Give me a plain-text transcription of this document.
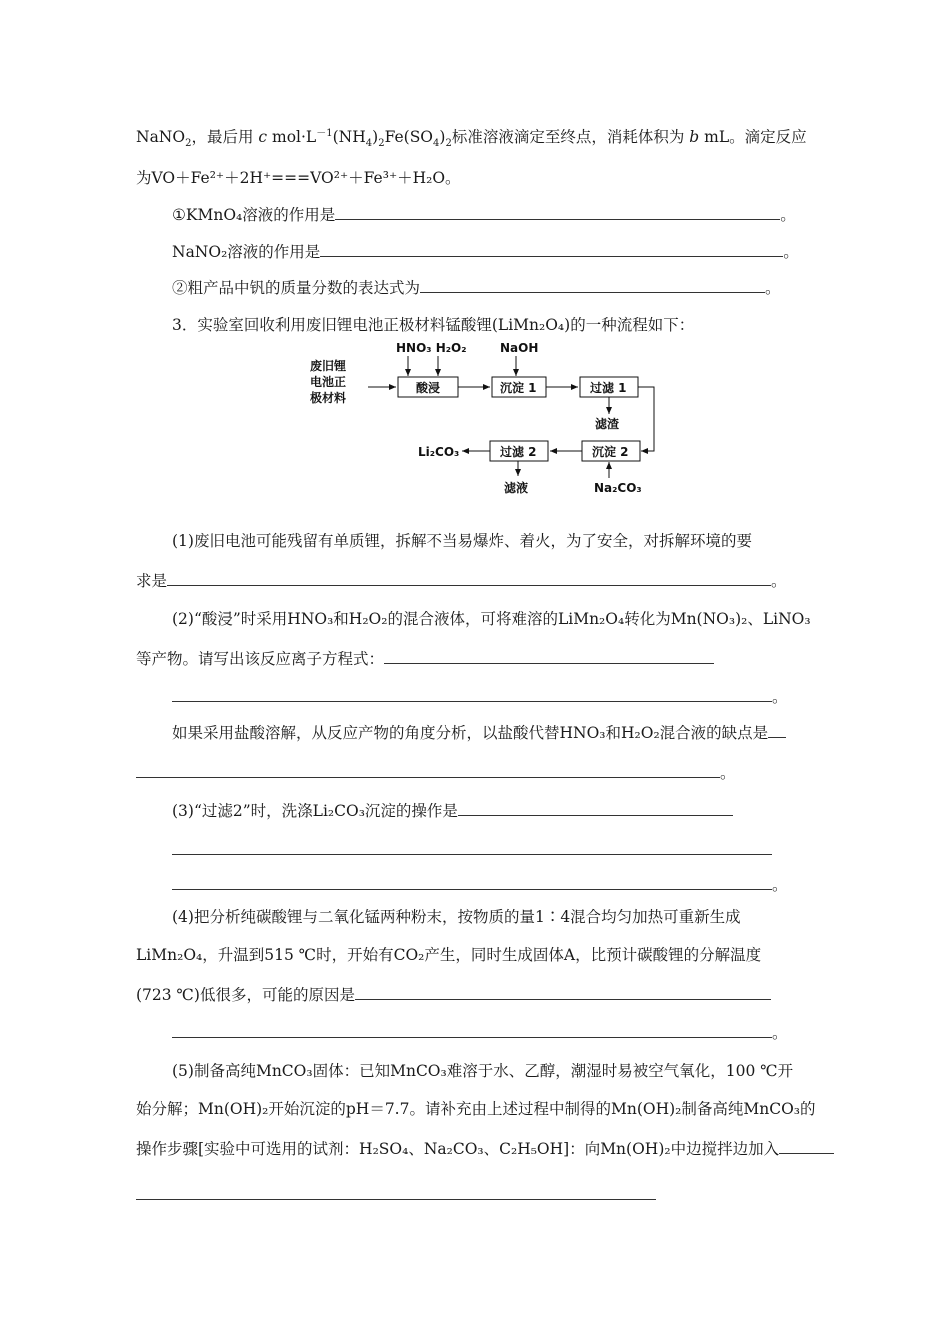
NaNO$_2$，最后用 c $mol\cdot L^{-1}(NH_4)_2Fe(SO_4)_2$标准溶液滴定至终点，消耗体积为 b mL。滴定反应
为VO＋Fe²⁺＋2H⁺===VO²⁺＋Fe³⁺＋H₂O。
①KMnO₄溶液的作用是	。
NaNO₂溶液的作用是	。
②粗产品中钒的质量分数的表达式为	。
3．实验室回收利用废旧锂电池正极材料锰酸锂(LiMn₂O₄)的一种流程如下：
废旧锂
电池正
极材料
HNO₃ H₂O₂
酸浸
NaOH
沉淀 1	过滤 1
滤渣
沉淀 2
Na₂CO₃
过滤 2
滤液
Li₂CO₃
(1)废旧电池可能残留有单质锂，拆解不当易爆炸、着火，为了安全，对拆解环境的要
求是	。
(2)“酸浸”时采用HNO₃和H₂O₂的混合液体，可将难溶的LiMn₂O₄转化为Mn(NO₃)₂、LiNO₃
等产物。请写出该反应离子方程式：
。
如果采用盐酸溶解，从反应产物的角度分析，以盐酸代替HNO₃和H₂O₂混合液的缺点是
。
(3)“过滤2”时，洗涤Li₂CO₃沉淀的操作是
。
(4)把分析纯碳酸锂与二氧化锰两种粉末，按物质的量1∶4混合均匀加热可重新生成
LiMn₂O₄，升温到515 ℃时，开始有CO₂产生，同时生成固体A，比预计碳酸锂的分解温度
(723 ℃)低很多，可能的原因是
。
(5)制备高纯MnCO₃固体：已知MnCO₃难溶于水、乙醇，潮湿时易被空气氧化，100 ℃开
始分解；Mn(OH)₂开始沉淀的pH＝7.7。请补充由上述过程中制得的Mn(OH)₂制备高纯MnCO₃的
操作步骤[实验中可选用的试剂：H₂SO₄、Na₂CO₃、C₂H₅OH]：向Mn(OH)₂中边搅拌边加入
